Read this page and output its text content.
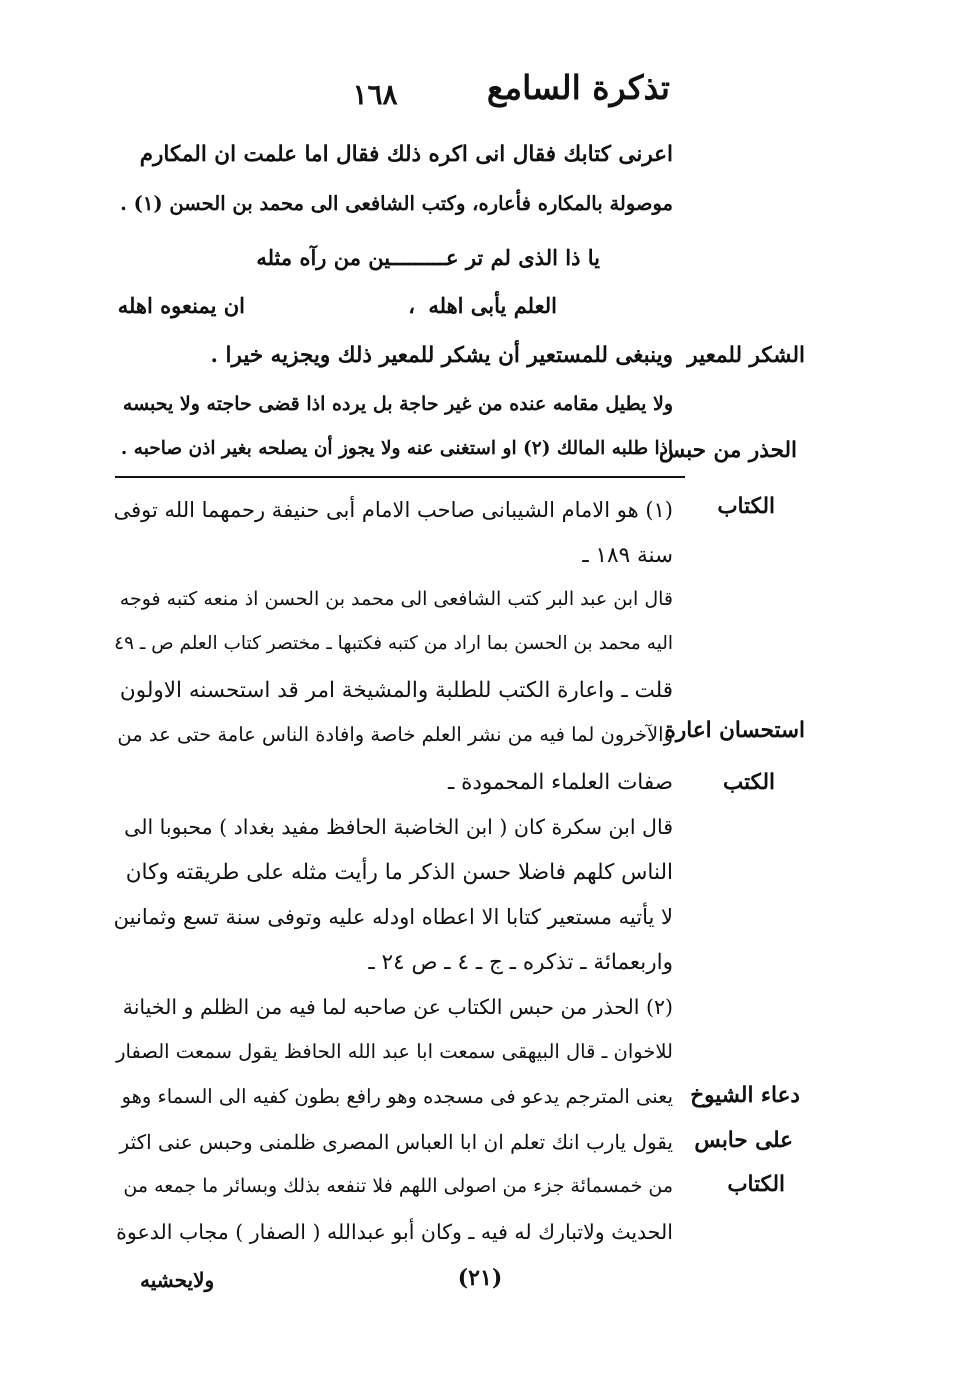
تذكرة السامع
١٦٨
اعرنى كتابك فقال انى اكره ذلك فقال اما علمت ان المكارم
موصولة بالمكاره فأعاره، وكتب الشافعى الى محمد بن الحسن (١) .
يا ذا الذى لم تر عـــــــــين من رآه مثله
العلم يأبى اهله
،
ان يمنعوه اهله
وينبغى للمستعير أن يشكر للمعير ذلك ويجزيه خيرا .
ولا يطيل مقامه عنده من غير حاجة بل يرده اذا قضى حاجته ولا يحبسه
اذا طلبه المالك (٢) او استغنى عنه ولا يجوز أن يصلحه بغير اذن صاحبه .
الشكر للمعير
الحذر من حبس
الكتاب
استحسان اعارة
الكتب
دعاء الشيوخ
على حابس
الكتاب
(١) هو الامام الشيبانى صاحب الامام أبى حنيفة رحمهما الله توفى
سنة ١٨٩ ـ
قال ابن عبد البر كتب الشافعى الى محمد بن الحسن اذ منعه كتبه فوجه
اليه محمد بن الحسن بما اراد من كتبه فكتبها ـ مختصر كتاب العلم ص ـ ٤٩
قلت ـ واعارة الكتب للطلبة والمشيخة امر قد استحسنه الاولون
والآخرون لما فيه من نشر العلم خاصة وافادة الناس عامة حتى عد من
صفات العلماء المحمودة ـ
قال ابن سكرة كان ( ابن الخاضبة الحافظ مفيد بغداد ) محبوبا الى
الناس كلهم فاضلا حسن الذكر ما رأيت مثله على طريقته وكان
لا يأتيه مستعير كتابا الا اعطاه اودله عليه وتوفى سنة تسع وثمانين
واربعمائة ـ تذكره ـ ج ـ ٤ ـ ص ٢٤ ـ
(٢) الحذر من حبس الكتاب عن صاحبه لما فيه من الظلم و الخيانة
للاخوان ـ قال البيهقى سمعت ابا عبد الله الحافظ يقول سمعت الصفار
يعنى المترجم يدعو فى مسجده وهو رافع بطون كفيه الى السماء وهو
يقول يارب انك تعلم ان ابا العباس المصرى ظلمنى وحبس عنى اكثر
من خمسمائة جزء من اصولى اللهم فلا تنفعه بذلك وبسائر ما جمعه من
الحديث ولاتبارك له فيه ـ وكان أبو عبدالله ( الصفار ) مجاب الدعوة
(٢١)
ولايحشيه
